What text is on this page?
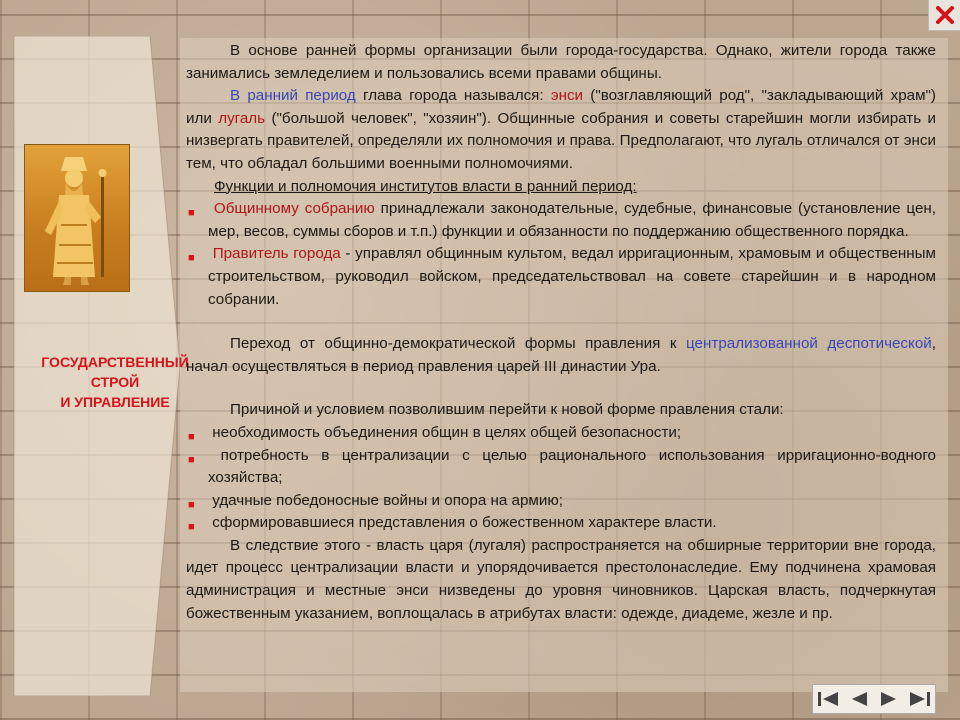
ГОСУДАРСТВЕННЫЙ
СТРОЙ
И УПРАВЛЕНИЕ

В основе ранней формы организации были города-государства. Однако, жители города также занимались земледелием и пользовались всеми правами общины.

В ранний период глава города назывался: энси ("возглавляющий род", "закладывающий храм") или лугаль ("большой человек", "хозяин"). Общинные собрания и советы старейшин могли избирать и низвергать правителей, определяли их полномочия и права. Предполагают, что лугаль отличался от энси тем, что обладал большими военными полномочиями.

Функции и полномочия институтов власти в ранний период:

■ Общинному собранию принадлежали законодательные, судебные, финансовые (установление цен, мер, весов, суммы сборов и т.п.) функции и обязанности по поддержанию общественного порядка.
■ Правитель города - управлял общинным культом, ведал ирригационным, храмовым и общественным строительством, руководил войском, председательствовал на совете старейшин и в народном собрании.

Переход от общинно-демократической формы правления к централизованной деспотической, начал осуществляться в период правления царей III династии Ура.

Причиной и условием позволившим перейти к новой форме правления стали:

■ необходимость объединения общин в целях общей безопасности;
■ потребность в централизации с целью рационального использования ирригационно-водного хозяйства;
■ удачные победоносные войны и опора на армию;
■ сформировавшиеся представления о божественном характере власти.

В следствие этого - власть царя (лугаля) распространяется на обширные территории вне города, идет процесс централизации власти и упорядочивается престолонаследие. Ему подчинена храмовая администрация и местные энси низведены до уровня чиновников. Царская власть, подчеркнутая божественным указанием, воплощалась в атрибутах власти: одежде, диадеме, жезле и пр.
